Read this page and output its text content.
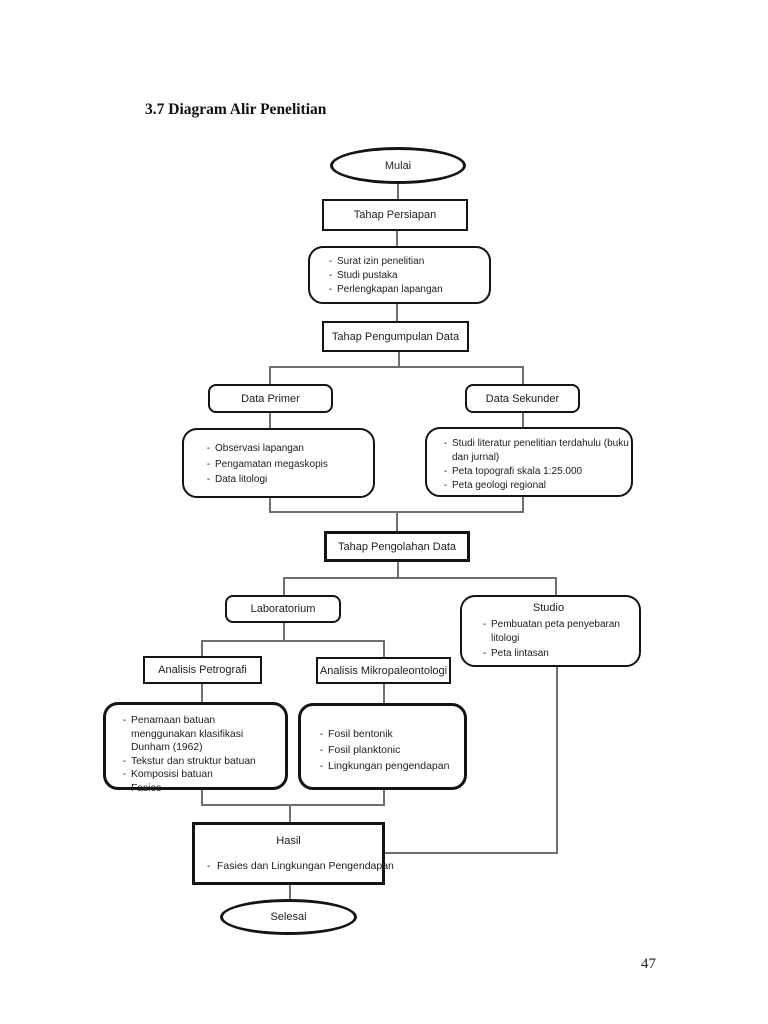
3.7 Diagram Alir Penelitian
Mulai
Tahap Persiapan
- Surat izin penelitian
- Studi pustaka
- Perlengkapan lapangan
Tahap Pengumpulan Data
Data Primer	Data Sekunder
- Observasi lapangan
- Pengamatan megaskopis
- Data litologi
- Studi literatur penelitian terdahulu (buku dan jurnal)
- Peta topografi skala 1:25.000
- Peta geologi regional
Tahap Pengolahan Data
Laboratorium	Studio
- Pembuatan peta penyebaran litologi
- Peta lintasan
Analisis Petrografi	Analisis Mikropaleontologi
- Penamaan batuan menggunakan klasifikasi Dunham (1962)
- Tekstur dan struktur batuan
- Komposisi batuan
- Fasies
- Fosil bentonik
- Fosil planktonic
- Lingkungan pengendapan
Hasil
- Fasies dan Lingkungan Pengendapan
Selesai
47
